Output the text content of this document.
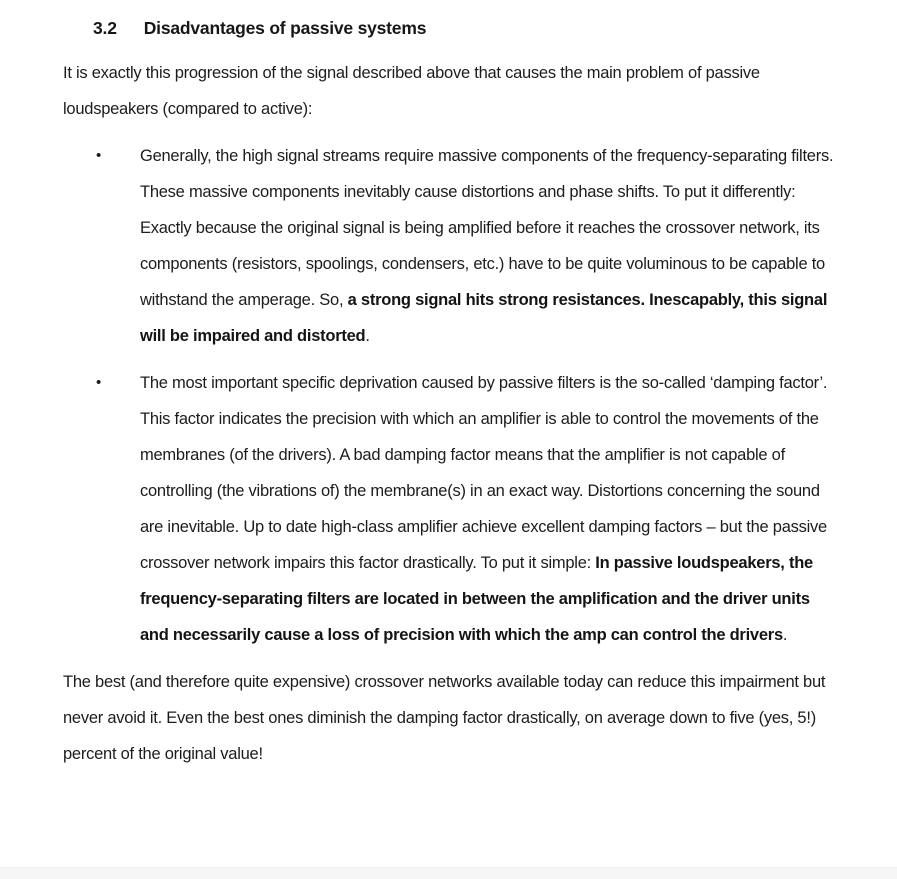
3.2 Disadvantages of passive systems

It is exactly this progression of the signal described above that causes the main problem of passive loudspeakers (compared to active):

• Generally, the high signal streams require massive components of the frequency-separating filters. These massive components inevitably cause distortions and phase shifts. To put it differently: Exactly because the original signal is being amplified before it reaches the crossover network, its components (resistors, spoolings, condensers, etc.) have to be quite voluminous to be capable to withstand the amperage. So, a strong signal hits strong resistances. Inescapably, this signal will be impaired and distorted.
• The most important specific deprivation caused by passive filters is the so-called ‘damping factor’. This factor indicates the precision with which an amplifier is able to control the movements of the membranes (of the drivers). A bad damping factor means that the amplifier is not capable of controlling (the vibrations of) the membrane(s) in an exact way. Distortions concerning the sound are inevitable. Up to date high-class amplifier achieve excellent damping factors – but the passive crossover network impairs this factor drastically. To put it simple: In passive loudspeakers, the frequency-separating filters are located in between the amplification and the driver units and necessarily cause a loss of precision with which the amp can control the drivers.

The best (and therefore quite expensive) crossover networks available today can reduce this impairment but never avoid it. Even the best ones diminish the damping factor drastically, on average down to five (yes, 5!) percent of the original value!
